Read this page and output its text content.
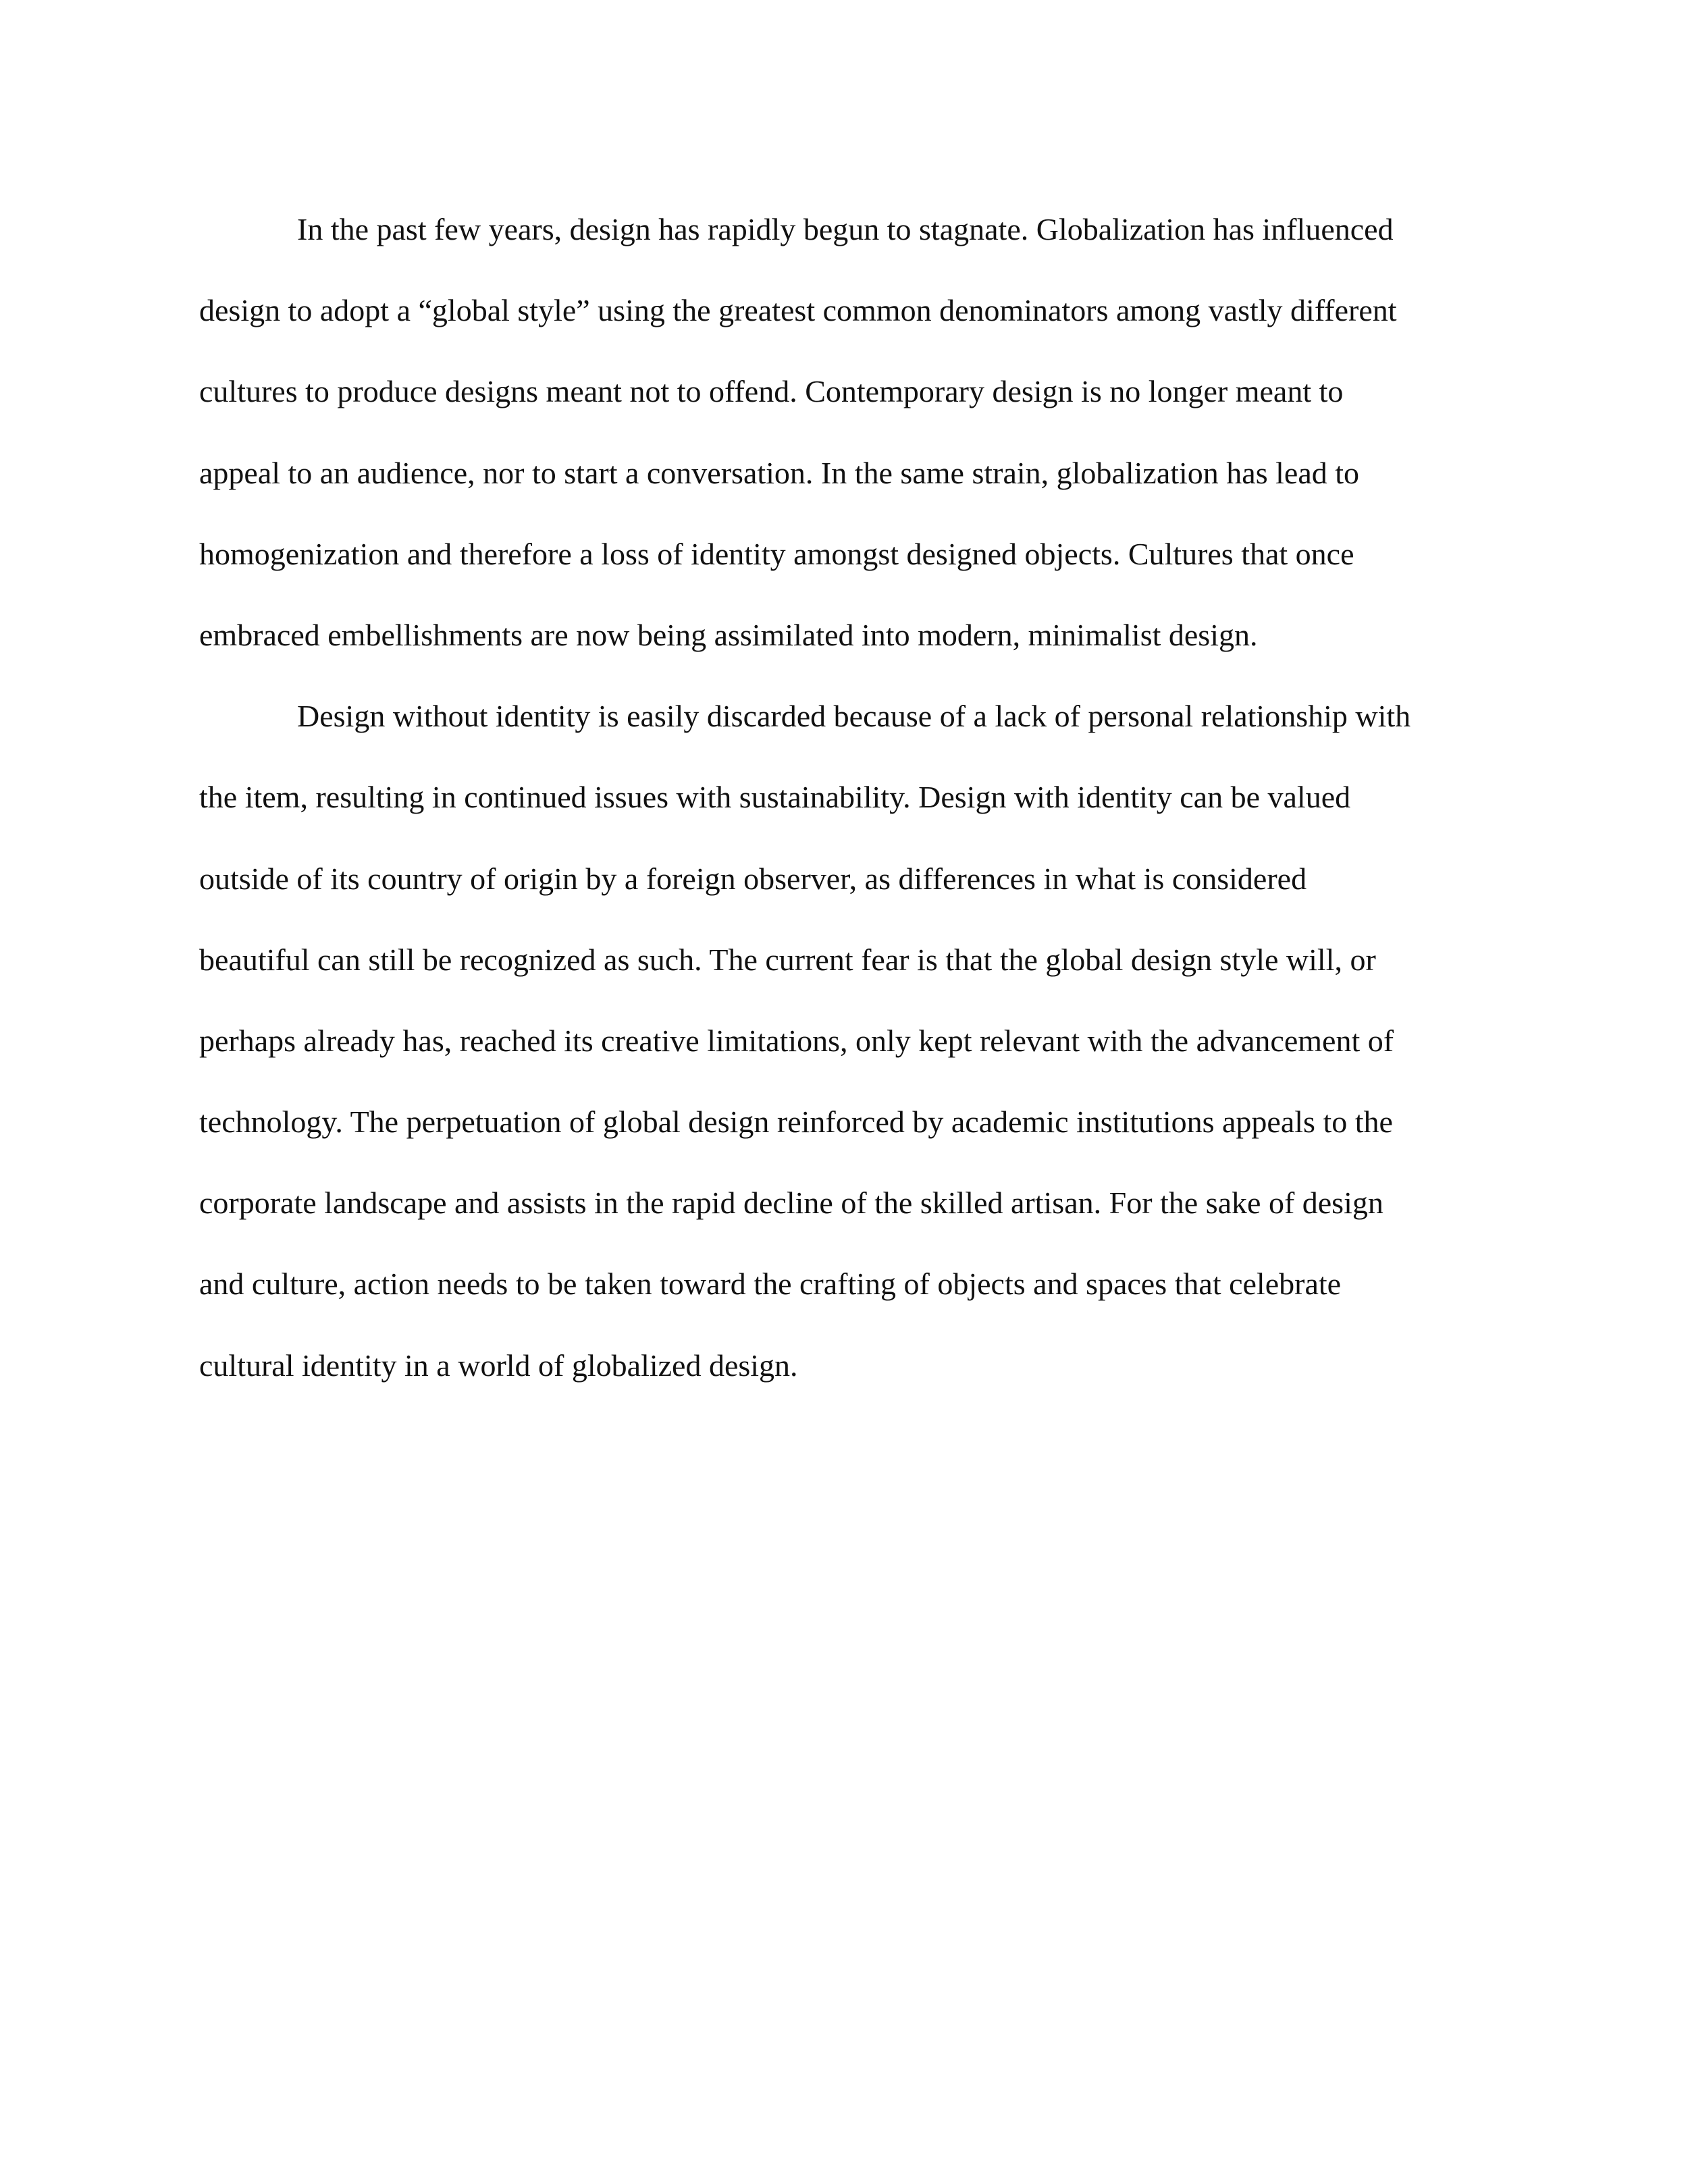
In the past few years, design has rapidly begun to stagnate. Globalization has influenced
design to adopt a “global style” using the greatest common denominators among vastly different
cultures to produce designs meant not to offend. Contemporary design is no longer meant to
appeal to an audience, nor to start a conversation. In the same strain, globalization has lead to
homogenization and therefore a loss of identity amongst designed objects. Cultures that once
embraced embellishments are now being assimilated into modern, minimalist design.
Design without identity is easily discarded because of a lack of personal relationship with
the item, resulting in continued issues with sustainability. Design with identity can be valued
outside of its country of origin by a foreign observer, as differences in what is considered
beautiful can still be recognized as such. The current fear is that the global design style will, or
perhaps already has, reached its creative limitations, only kept relevant with the advancement of
technology. The perpetuation of global design reinforced by academic institutions appeals to the
corporate landscape and assists in the rapid decline of the skilled artisan. For the sake of design
and culture, action needs to be taken toward the crafting of objects and spaces that celebrate
cultural identity in a world of globalized design.
